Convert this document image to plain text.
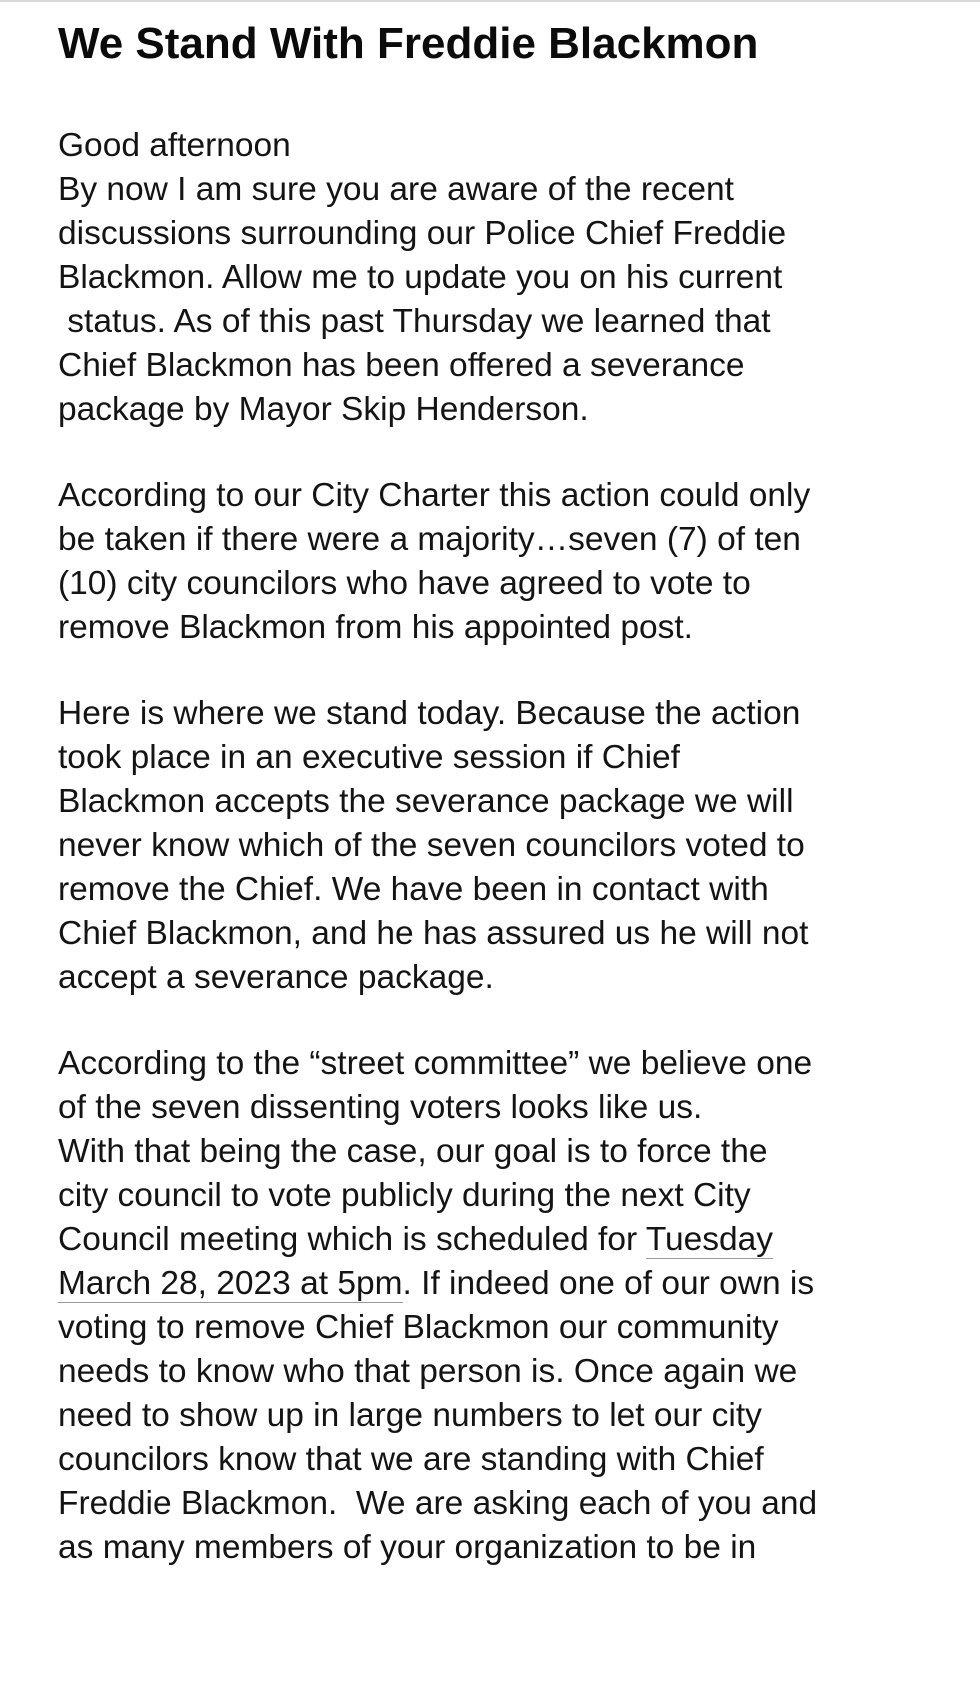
We Stand With Freddie Blackmon
Good afternoon
By now I am sure you are aware of the recent
discussions surrounding our Police Chief Freddie
Blackmon. Allow me to update you on his current
status. As of this past Thursday we learned that
Chief Blackmon has been offered a severance
package by Mayor Skip Henderson.
According to our City Charter this action could only
be taken if there were a majority…seven (7) of ten
(10) city councilors who have agreed to vote to
remove Blackmon from his appointed post.
Here is where we stand today. Because the action
took place in an executive session if Chief
Blackmon accepts the severance package we will
never know which of the seven councilors voted to
remove the Chief. We have been in contact with
Chief Blackmon, and he has assured us he will not
accept a severance package.
According to the “street committee” we believe one
of the seven dissenting voters looks like us.
With that being the case, our goal is to force the
city council to vote publicly during the next City
Council meeting which is scheduled for Tuesday
March 28, 2023 at 5pm. If indeed one of our own is
voting to remove Chief Blackmon our community
needs to know who that person is. Once again we
need to show up in large numbers to let our city
councilors know that we are standing with Chief
Freddie Blackmon.  We are asking each of you and
as many members of your organization to be in
